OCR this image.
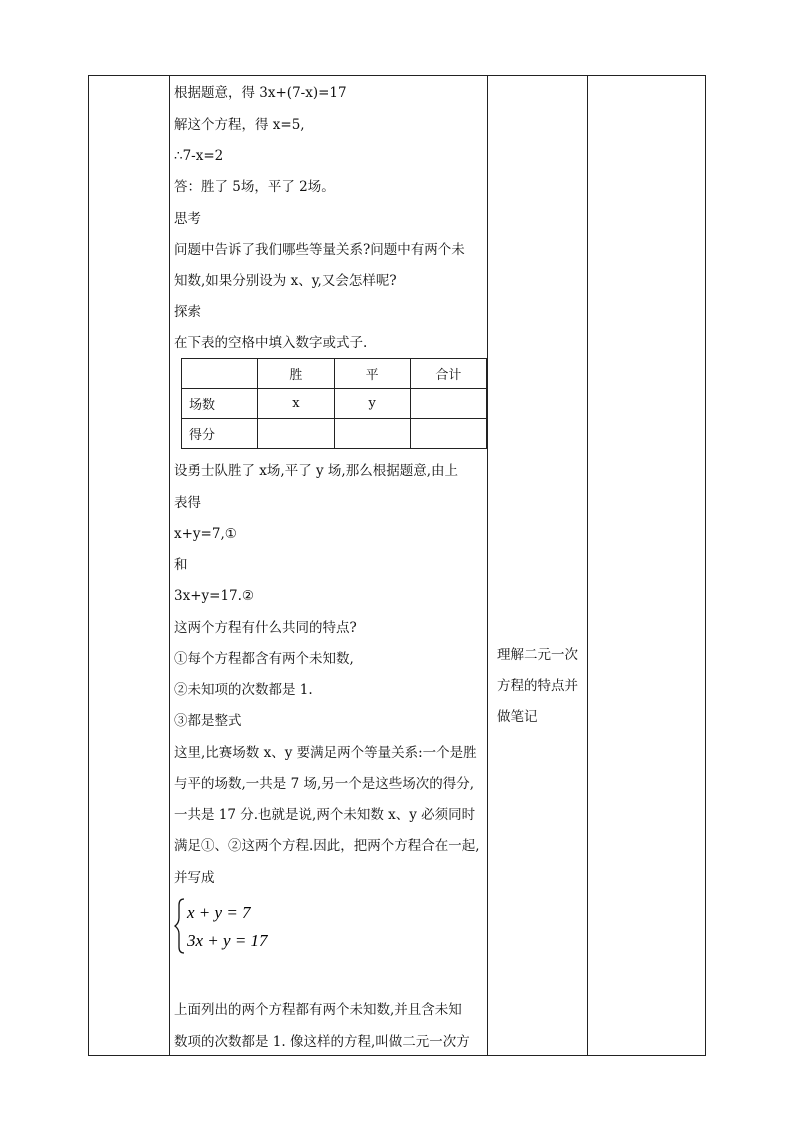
根据题意，得 3x+(7-x)=17
解这个方程，得 x=5,
∴7-x=2
答：胜了 5场，平了 2场。
思考
问题中告诉了我们哪些等量关系?问题中有两个未
知数,如果分别设为 x、y,又会怎样呢?
探索
在下表的空格中填入数字或式子.
	胜	平	合计
场数	x	y	
得分			
设勇士队胜了 x场,平了 y 场,那么根据题意,由上
表得
x+y=7,①
和
3x+y=17.②
这两个方程有什么共同的特点?
①每个方程都含有两个未知数,
②未知项的次数都是 1.
③都是整式
这里,比赛场数 x、y 要满足两个等量关系:一个是胜
与平的场数,一共是 7 场,另一个是这些场次的得分,
一共是 17 分.也就是说,两个未知数 x、y 必须同时
满足①、②这两个方程.因此，把两个方程合在一起,
并写成
x + y = 7
3x + y = 17
上面列出的两个方程都有两个未知数,并且含未知
数项的次数都是 1. 像这样的方程,叫做二元一次方
理解二元一次
方程的特点并
做笔记
